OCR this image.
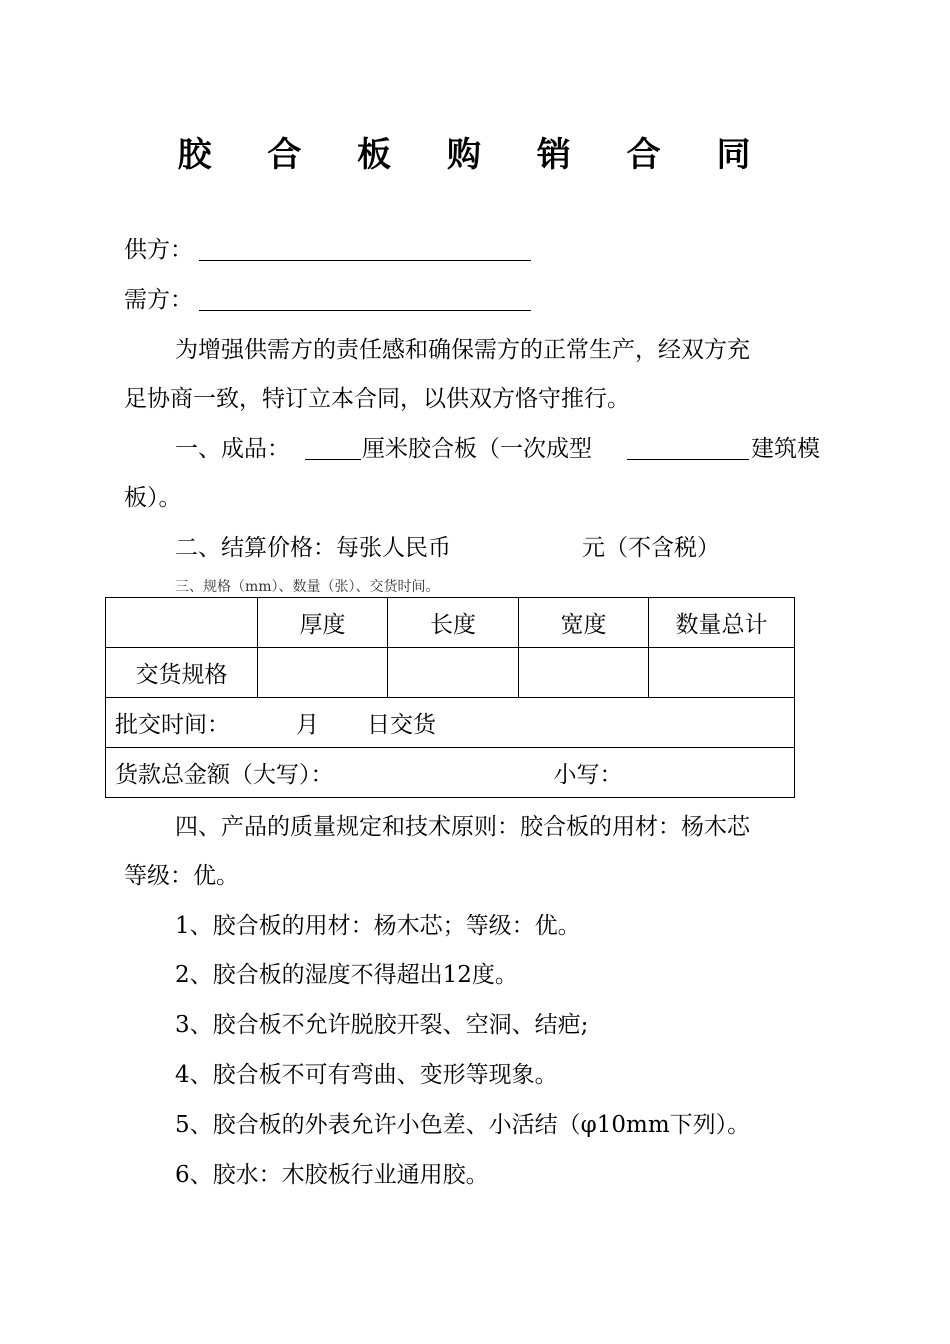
胶 合 板 购 销 合 同
供方：
需方：
为增强供需方的责任感和确保需方的正常生产，经双方充
足协商一致，特订立本合同，以供双方恪守推行。
一、成品：	厘米胶合板（一次成型	建筑模
板）。
二、结算价格：每张人民币	元（不含税）
三、规格（mm）、数量（张）、交货时间。
	厚度	长度	宽度	数量总计
交货规格				
批交时间： 月 日交货				
货款总金额（大写）： 小写：				
四、产品的质量规定和技术原则：胶合板的用材：杨木芯
等级：优。
1、胶合板的用材：杨木芯；等级：优。
2、胶合板的湿度不得超出12度。
3、胶合板不允许脱胶开裂、空洞、结疤;
4、胶合板不可有弯曲、变形等现象。
5、胶合板的外表允许小色差、小活结（φ10mm下列）。
6、胶水：木胶板行业通用胶。
